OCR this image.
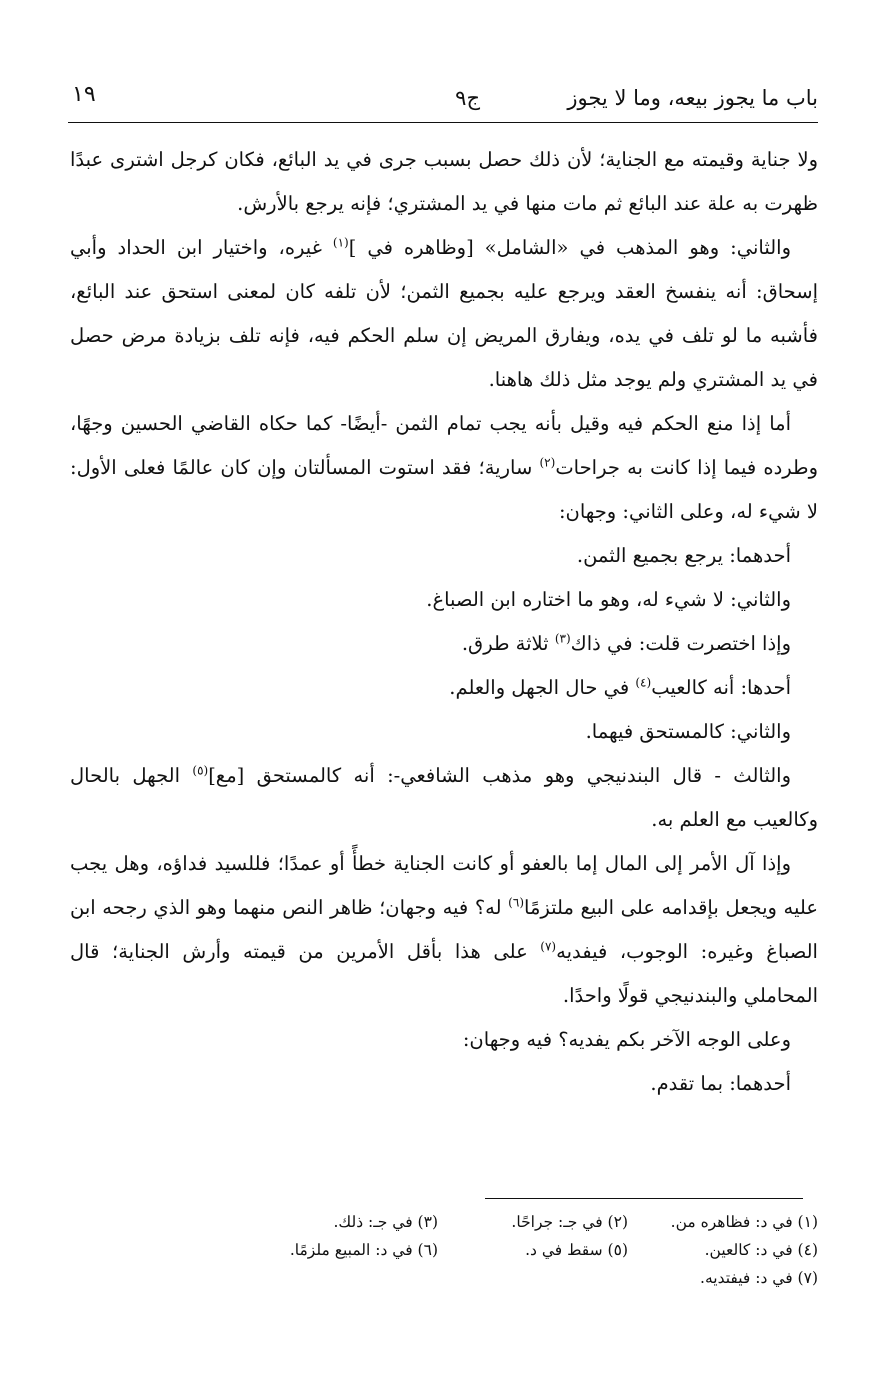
باب ما يجوز بيعه، وما لا يجوز
ج٩
١٩

ولا جناية وقيمته مع الجناية؛ لأن ذلك حصل بسبب جرى في يد البائع، فكان كرجل اشترى عبدًا ظهرت به علة عند البائع ثم مات منها في يد المشتري؛ فإنه يرجع بالأرش.

والثاني: وهو المذهب في «الشامل» [وظاهره في ]$^{(١)}$ غيره، واختيار ابن الحداد وأبي إسحاق: أنه ينفسخ العقد ويرجع عليه بجميع الثمن؛ لأن تلفه كان لمعنى استحق عند البائع، فأشبه ما لو تلف في يده، ويفارق المريض إن سلم الحكم فيه، فإنه تلف بزيادة مرض حصل في يد المشتري ولم يوجد مثل ذلك هاهنا.

أما إذا منع الحكم فيه وقيل بأنه يجب تمام الثمن -أيضًا- كما حكاه القاضي الحسين وجهًا، وطرده فيما إذا كانت به جراحات$^{(٢)}$ سارية؛ فقد استوت المسألتان وإن كان عالمًا فعلى الأول: لا شيء له، وعلى الثاني: وجهان:

أحدهما: يرجع بجميع الثمن.

والثاني: لا شيء له، وهو ما اختاره ابن الصباغ.

وإذا اختصرت قلت: في ذاك$^{(٣)}$ ثلاثة طرق.

أحدها: أنه كالعيب$^{(٤)}$ في حال الجهل والعلم.

والثاني: كالمستحق فيهما.

والثالث - قال البندنيجي وهو مذهب الشافعي-: أنه كالمستحق [مع]$^{(٥)}$ الجهل بالحال وكالعيب مع العلم به.

وإذا آل الأمر إلى المال إما بالعفو أو كانت الجناية خطأً أو عمدًا؛ فللسيد فداؤه، وهل يجب عليه ويجعل بإقدامه على البيع ملتزمًا$^{(٦)}$ له؟ فيه وجهان؛ ظاهر النص منهما وهو الذي رجحه ابن الصباغ وغيره: الوجوب، فيفديه$^{(٧)}$ على هذا بأقل الأمرين من قيمته وأرش الجناية؛ قال المحاملي والبندنيجي قولًا واحدًا.

وعلى الوجه الآخر بكم يفديه؟ فيه وجهان:

أحدهما: بما تقدم.

(١) في د: فظاهره من.
(٢) في جـ: جراحًا.
(٣) في جـ: ذلك.
(٤) في د: كالعين.
(٥) سقط في د.
(٦) في د: المبيع ملزمًا.
(٧) في د: فيفتديه.
